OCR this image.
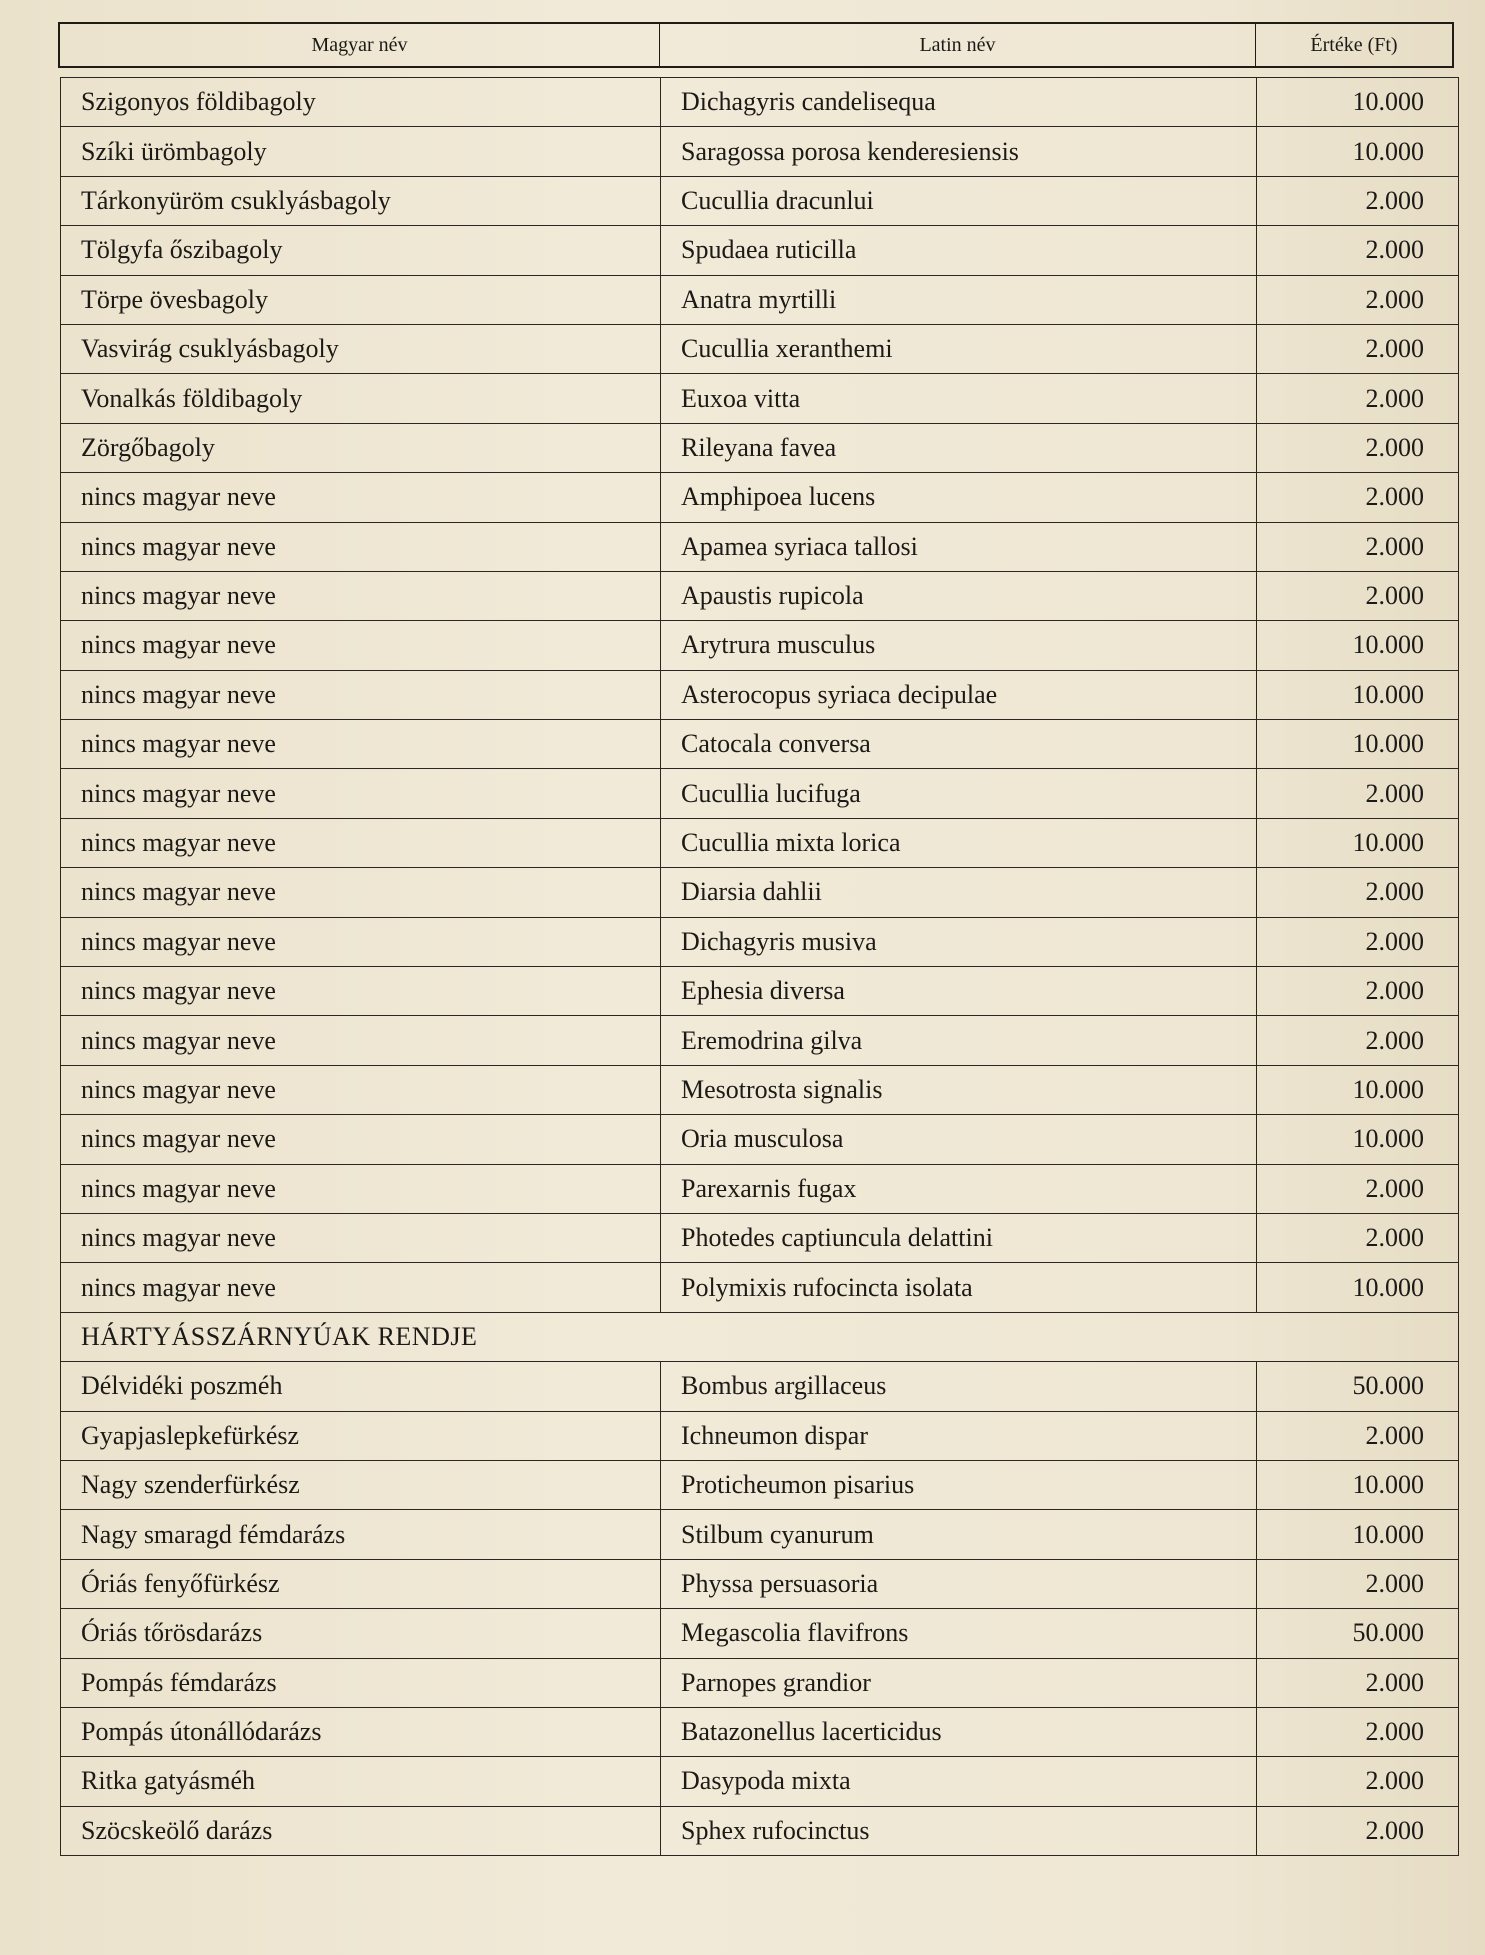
Magyar név	Latin név	Értéke (Ft)
Szigonyos földibagoly	Dichagyris candelisequa	10.000
Szíki ürömbagoly	Saragossa porosa kenderesiensis	10.000
Tárkonyüröm csuklyásbagoly	Cucullia dracunlui	2.000
Tölgyfa őszibagoly	Spudaea ruticilla	2.000
Törpe övesbagoly	Anatra myrtilli	2.000
Vasvirág csuklyásbagoly	Cucullia xeranthemi	2.000
Vonalkás földibagoly	Euxoa vitta	2.000
Zörgőbagoly	Rileyana favea	2.000
nincs magyar neve	Amphipoea lucens	2.000
nincs magyar neve	Apamea syriaca tallosi	2.000
nincs magyar neve	Apaustis rupicola	2.000
nincs magyar neve	Arytrura musculus	10.000
nincs magyar neve	Asterocopus syriaca decipulae	10.000
nincs magyar neve	Catocala conversa	10.000
nincs magyar neve	Cucullia lucifuga	2.000
nincs magyar neve	Cucullia mixta lorica	10.000
nincs magyar neve	Diarsia dahlii	2.000
nincs magyar neve	Dichagyris musiva	2.000
nincs magyar neve	Ephesia diversa	2.000
nincs magyar neve	Eremodrina gilva	2.000
nincs magyar neve	Mesotrosta signalis	10.000
nincs magyar neve	Oria musculosa	10.000
nincs magyar neve	Parexarnis fugax	2.000
nincs magyar neve	Photedes captiuncula delattini	2.000
nincs magyar neve	Polymixis rufocincta isolata	10.000
HÁRTYÁSSZÁRNYÚAK RENDJE		
Délvidéki poszméh	Bombus argillaceus	50.000
Gyapjaslepkefürkész	Ichneumon dispar	2.000
Nagy szenderfürkész	Proticheumon pisarius	10.000
Nagy smaragd fémdarázs	Stilbum cyanurum	10.000
Óriás fenyőfürkész	Physsa persuasoria	2.000
Óriás tőrösdarázs	Megascolia flavifrons	50.000
Pompás fémdarázs	Parnopes grandior	2.000
Pompás útonállódarázs	Batazonellus lacerticidus	2.000
Ritka gatyásméh	Dasypoda mixta	2.000
Szöcskeölő darázs	Sphex rufocinctus	2.000
